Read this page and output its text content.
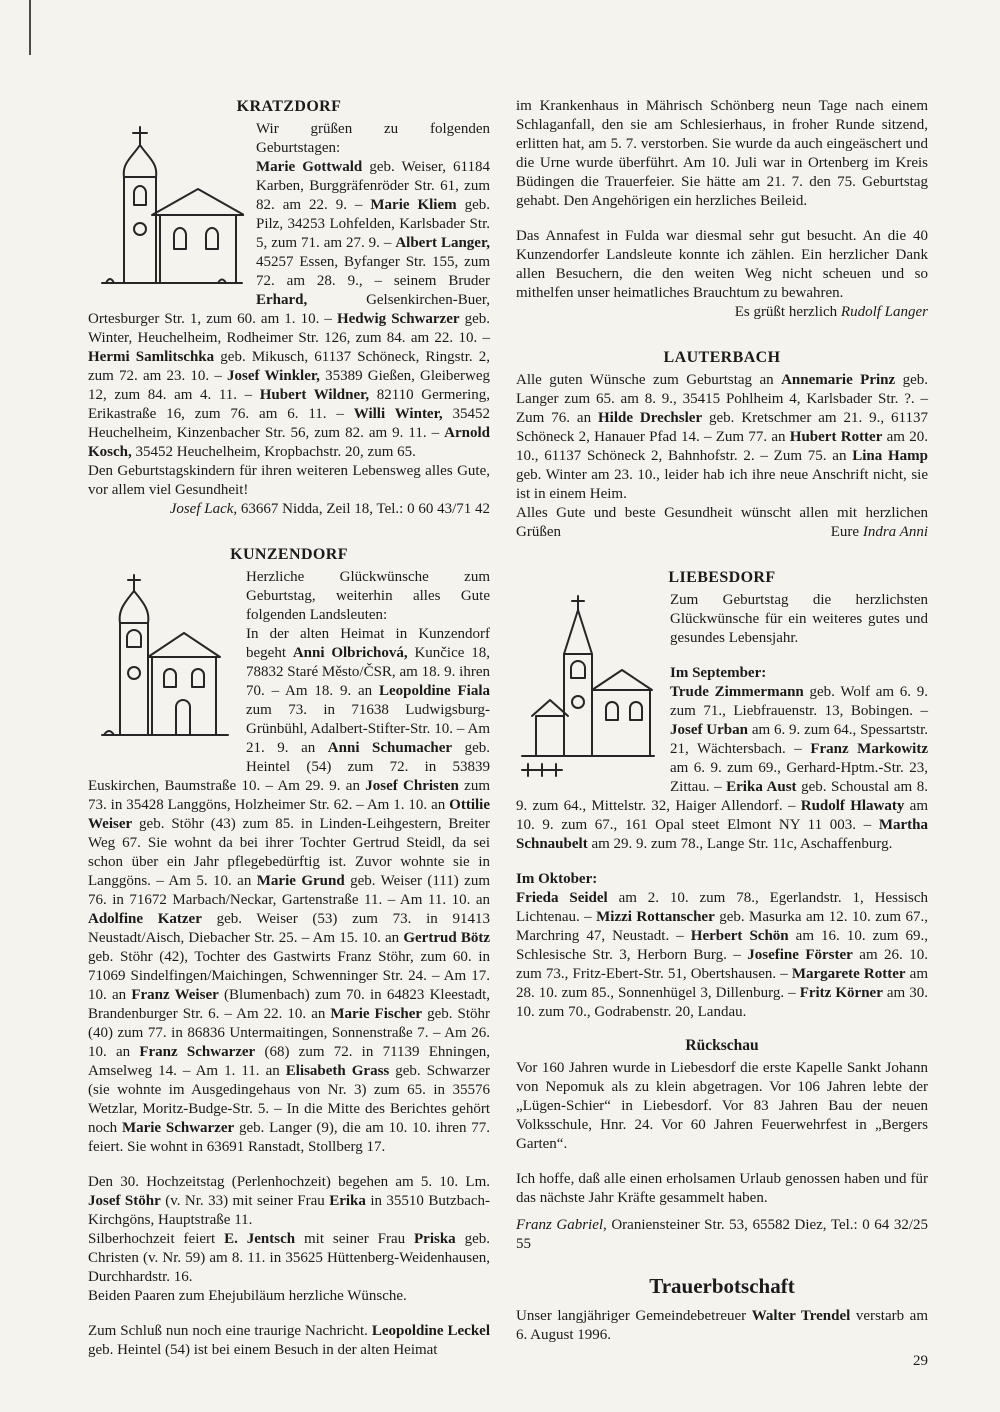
KRATZDORF

Wir grüßen zu folgenden Geburtstagen:

Marie Gottwald geb. Weiser, 61184 Karben, Burggräfenröder Str. 61, zum 82. am 22. 9. – Marie Kliem geb. Pilz, 34253 Lohfelden, Karlsbader Str. 5, zum 71. am 27. 9. – Albert Langer, 45257 Essen, Byfanger Str. 155, zum 72. am 28. 9., – seinem Bruder Erhard, Gelsenkirchen-Buer, Ortesburger Str. 1, zum 60. am 1. 10. – Hedwig Schwarzer geb. Winter, Heuchelheim, Rodheimer Str. 126, zum 84. am 22. 10. – Hermi Samlitschka geb. Mikusch, 61137 Schöneck, Ringstr. 2, zum 72. am 23. 10. – Josef Winkler, 35389 Gießen, Gleiberweg 12, zum 84. am 4. 11. – Hubert Wildner, 82110 Germering, Erikastraße 16, zum 76. am 6. 11. – Willi Winter, 35452 Heuchelheim, Kinzenbacher Str. 56, zum 82. am 9. 11. – Arnold Kosch, 35452 Heuchelheim, Kropbachstr. 20, zum 65.

Den Geburtstagskindern für ihren weiteren Lebensweg alles Gute, vor allem viel Gesundheit!

Josef Lack, 63667 Nidda, Zeil 18, Tel.: 0 60 43/71 42

KUNZENDORF

Herzliche Glückwünsche zum Geburtstag, weiterhin alles Gute folgenden Landsleuten:

In der alten Heimat in Kunzendorf begeht Anni Olbrichová, Kunčice 18, 78832 Staré Město/ČSR, am 18. 9. ihren 70. – Am 18. 9. an Leopoldine Fiala zum 73. in 71638 Ludwigsburg-Grünbühl, Adalbert-Stifter-Str. 10. – Am 21. 9. an Anni Schumacher geb. Heintel (54) zum 72. in 53839 Euskirchen, Baumstraße 10. – Am 29. 9. an Josef Christen zum 73. in 35428 Langgöns, Holzheimer Str. 62. – Am 1. 10. an Ottilie Weiser geb. Stöhr (43) zum 85. in Linden-Leihgestern, Breiter Weg 67. Sie wohnt da bei ihrer Tochter Gertrud Steidl, da sei schon über ein Jahr pflegebedürftig ist. Zuvor wohnte sie in Langgöns. – Am 5. 10. an Marie Grund geb. Weiser (111) zum 76. in 71672 Marbach/Neckar, Gartenstraße 11. – Am 11. 10. an Adolfine Katzer geb. Weiser (53) zum 73. in 91413 Neustadt/Aisch, Diebacher Str. 25. – Am 15. 10. an Gertrud Bötz geb. Stöhr (42), Tochter des Gastwirts Franz Stöhr, zum 60. in 71069 Sindelfingen/Maichingen, Schwenninger Str. 24. – Am 17. 10. an Franz Weiser (Blumenbach) zum 70. in 64823 Kleestadt, Brandenburger Str. 6. – Am 22. 10. an Marie Fischer geb. Stöhr (40) zum 77. in 86836 Untermaitingen, Sonnenstraße 7. – Am 26. 10. an Franz Schwarzer (68) zum 72. in 71139 Ehningen, Amselweg 14. – Am 1. 11. an Elisabeth Grass geb. Schwarzer (sie wohnte im Ausgedingehaus von Nr. 3) zum 65. in 35576 Wetzlar, Moritz-Budge-Str. 5. – In die Mitte des Berichtes gehört noch Marie Schwarzer geb. Langer (9), die am 10. 10. ihren 77. feiert. Sie wohnt in 63691 Ranstadt, Stollberg 17.

Den 30. Hochzeitstag (Perlenhochzeit) begehen am 5. 10. Lm. Josef Stöhr (v. Nr. 33) mit seiner Frau Erika in 35510 Butzbach-Kirchgöns, Hauptstraße 11.

Silberhochzeit feiert E. Jentsch mit seiner Frau Priska geb. Christen (v. Nr. 59) am 8. 11. in 35625 Hüttenberg-Weidenhausen, Durchhardstr. 16.

Beiden Paaren zum Ehejubiläum herzliche Wünsche.

Zum Schluß nun noch eine traurige Nachricht. Leopoldine Leckel geb. Heintel (54) ist bei einem Besuch in der alten Heimat

im Krankenhaus in Mährisch Schönberg neun Tage nach einem Schlaganfall, den sie am Schlesierhaus, in froher Runde sitzend, erlitten hat, am 5. 7. verstorben. Sie wurde da auch eingeäschert und die Urne wurde überführt. Am 10. Juli war in Ortenberg im Kreis Büdingen die Trauerfeier. Sie hätte am 21. 7. den 75. Geburtstag gehabt. Den Angehörigen ein herzliches Beileid.

Das Annafest in Fulda war diesmal sehr gut besucht. An die 40 Kunzendorfer Landsleute konnte ich zählen. Ein herzlicher Dank allen Besuchern, die den weiten Weg nicht scheuen und so mithelfen unser heimatliches Brauchtum zu bewahren.

Es grüßt herzlich Rudolf Langer

LAUTERBACH

Alle guten Wünsche zum Geburtstag an Annemarie Prinz geb. Langer zum 65. am 8. 9., 35415 Pohlheim 4, Karlsbader Str. ?. – Zum 76. an Hilde Drechsler geb. Kretschmer am 21. 9., 61137 Schöneck 2, Hanauer Pfad 14. – Zum 77. an Hubert Rotter am 20. 10., 61137 Schöneck 2, Bahnhofstr. 2. – Zum 75. an Lina Hamp geb. Winter am 23. 10., leider hab ich ihre neue Anschrift nicht, sie ist in einem Heim.

Alles Gute und beste Gesundheit wünscht allen mit herzlichen Grüßen	Eure Indra Anni

LIEBESDORF

Zum Geburtstag die herzlichsten Glückwünsche für ein weiteres gutes und gesundes Lebensjahr.

Im September:

Trude Zimmermann geb. Wolf am 6. 9. zum 71., Liebfrauenstr. 13, Bobingen. – Josef Urban am 6. 9. zum 64., Spessartstr. 21, Wächtersbach. – Franz Markowitz am 6. 9. zum 69., Gerhard-Hptm.-Str. 23, Zittau. – Erika Aust geb. Schoustal am 8. 9. zum 64., Mittelstr. 32, Haiger Allendorf. – Rudolf Hlawaty am 10. 9. zum 67., 161 Opal steet Elmont NY 11 003. – Martha Schnaubelt am 29. 9. zum 78., Lange Str. 11c, Aschaffenburg.

Im Oktober:

Frieda Seidel am 2. 10. zum 78., Egerlandstr. 1, Hessisch Lichtenau. – Mizzi Rottanscher geb. Masurka am 12. 10. zum 67., Marchring 47, Neustadt. – Herbert Schön am 16. 10. zum 69., Schlesische Str. 3, Herborn Burg. – Josefine Förster am 26. 10. zum 73., Fritz-Ebert-Str. 51, Obertshausen. – Margarete Rotter am 28. 10. zum 85., Sonnenhügel 3, Dillenburg. – Fritz Körner am 30. 10. zum 70., Godrabenstr. 20, Landau.

Rückschau

Vor 160 Jahren wurde in Liebesdorf die erste Kapelle Sankt Johann von Nepomuk als zu klein abgetragen. Vor 106 Jahren lebte der „Lügen-Schier“ in Liebesdorf. Vor 83 Jahren Bau der neuen Volksschule, Hnr. 24. Vor 60 Jahren Feuerwehrfest in „Bergers Garten“.

Ich hoffe, daß alle einen erholsamen Urlaub genossen haben und für das nächste Jahr Kräfte gesammelt haben.

Franz Gabriel, Oraniensteiner Str. 53, 65582 Diez, Tel.: 0 64 32/25 55

Trauerbotschaft

Unser langjähriger Gemeindebetreuer Walter Trendel verstarb am 6. August 1996.

29
